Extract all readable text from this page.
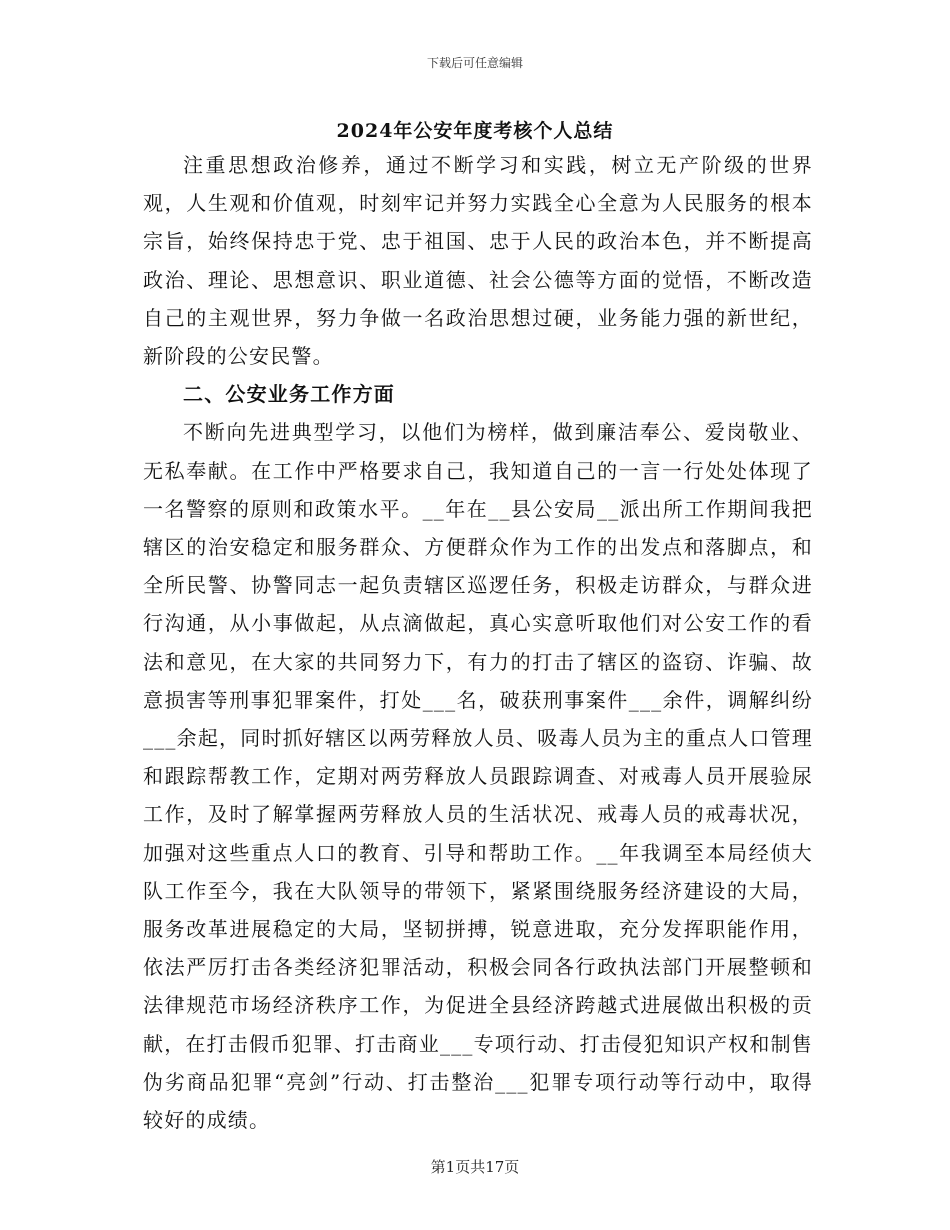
下载后可任意编辑
2024年公安年度考核个人总结

注重思想政治修养，通过不断学习和实践，树立无产阶级的世界观，人生观和价值观，时刻牢记并努力实践全心全意为人民服务的根本宗旨，始终保持忠于党、忠于祖国、忠于人民的政治本色，并不断提高政治、理论、思想意识、职业道德、社会公德等方面的觉悟，不断改造自己的主观世界，努力争做一名政治思想过硬，业务能力强的新世纪，新阶段的公安民警。

二、公安业务工作方面

不断向先进典型学习，以他们为榜样，做到廉洁奉公、爱岗敬业、无私奉献。在工作中严格要求自己，我知道自己的一言一行处处体现了一名警察的原则和政策水平。__年在__县公安局__派出所工作期间我把辖区的治安稳定和服务群众、方便群众作为工作的出发点和落脚点，和全所民警、协警同志一起负责辖区巡逻任务，积极走访群众，与群众进行沟通，从小事做起，从点滴做起，真心实意听取他们对公安工作的看法和意见，在大家的共同努力下，有力的打击了辖区的盗窃、诈骗、故意损害等刑事犯罪案件，打处___名，破获刑事案件___余件，调解纠纷___余起，同时抓好辖区以两劳释放人员、吸毒人员为主的重点人口管理和跟踪帮教工作，定期对两劳释放人员跟踪调查、对戒毒人员开展验尿工作，及时了解掌握两劳释放人员的生活状况、戒毒人员的戒毒状况，加强对这些重点人口的教育、引导和帮助工作。__年我调至本局经侦大队工作至今，我在大队领导的带领下，紧紧围绕服务经济建设的大局，服务改革进展稳定的大局，坚韧拼搏，锐意进取，充分发挥职能作用，依法严厉打击各类经济犯罪活动，积极会同各行政执法部门开展整顿和法律规范市场经济秩序工作，为促进全县经济跨越式进展做出积极的贡献，在打击假币犯罪、打击商业___专项行动、打击侵犯知识产权和制售伪劣商品犯罪“亮剑”行动、打击整治___犯罪专项行动等行动中，取得较好的成绩。

第1页共17页
